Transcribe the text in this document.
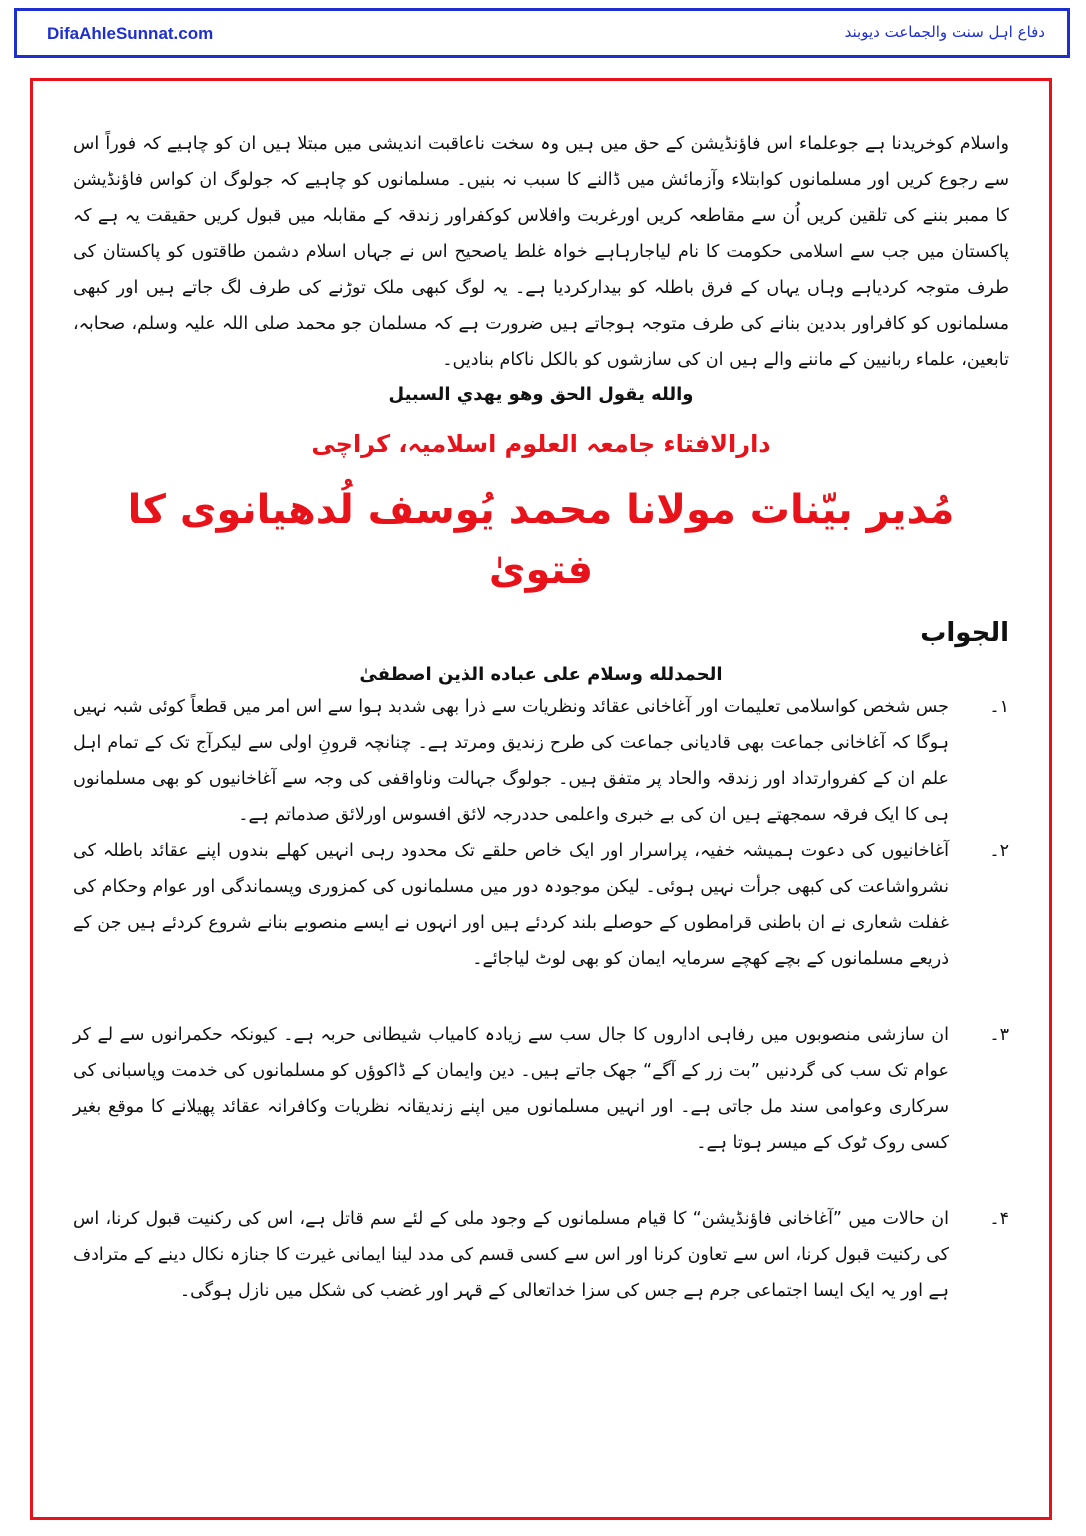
DifaAhleSunnat.com	دفاع اہل سنت والجماعت دیوبند

واسلام کوخریدنا ہے جوعلماء اس فاؤنڈیشن کے حق میں ہیں وہ سخت ناعاقبت اندیشی میں مبتلا ہیں ان کو چاہیے کہ فوراً اس سے رجوع کریں اور مسلمانوں کوابتلاء وآزمائش میں ڈالنے کا سبب نہ بنیں۔ مسلمانوں کو چاہیے کہ جولوگ ان کواس فاؤنڈیشن کا ممبر بننے کی تلقین کریں اُن سے مقاطعہ کریں اورغربت وافلاس کوکفراور زندقہ کے مقابلہ میں قبول کریں حقیقت یہ ہے کہ پاکستان میں جب سے اسلامی حکومت کا نام لیاجارہاہے خواہ غلط یاصحیح اس نے جہاں اسلام دشمن طاقتوں کو پاکستان کی طرف متوجہ کردیاہے وہاں یہاں کے فرق باطلہ کو بیدارکردیا ہے۔ یہ لوگ کبھی ملک توڑنے کی طرف لگ جاتے ہیں اور کبھی مسلمانوں کو کافراور بددین بنانے کی طرف متوجہ ہوجاتے ہیں ضرورت ہے کہ مسلمان جو محمد صلی اللہ علیہ وسلم، صحابہ، تابعین، علماء ربانیین کے ماننے والے ہیں ان کی سازشوں کو بالکل ناکام بنادیں۔

والله يقول الحق وهو يهدي السبيل

دارالافتاء جامعہ العلوم اسلامیہ، کراچی

مُدیر بیّنات مولانا محمد یُوسف لُدھیانوی کا فتویٰ

الجواب

الحمدلله وسلام علی عباده الذین اصطفیٰ

۱۔
جس شخص کواسلامی تعلیمات اور آغاخانی عقائد ونظریات سے ذرا بھی شدبد ہوا سے اس امر میں قطعاً کوئی شبہ نہیں ہوگا کہ آغاخانی جماعت بھی قادیانی جماعت کی طرح زندیق ومرتد ہے۔ چنانچہ قرونِ اولی سے لیکرآج تک کے تمام اہل علم ان کے کفروارتداد اور زندقہ والحاد پر متفق ہیں۔ جولوگ جہالت وناواقفی کی وجہ سے آغاخانیوں کو بھی مسلمانوں ہی کا ایک فرقہ سمجھتے ہیں ان کی بے خبری واعلمی حددرجہ لائق افسوس اورلائق صدماتم ہے۔
۲۔
آغاخانیوں کی دعوت ہمیشہ خفیہ، پراسرار اور ایک خاص حلقے تک محدود رہی انہیں کھلے بندوں اپنے عقائد باطلہ کی نشرواشاعت کی کبھی جرأت نہیں ہوئی۔ لیکن موجودہ دور میں مسلمانوں کی کمزوری وپسماندگی اور عوام وحکام کی غفلت شعاری نے ان باطنی قرامطوں کے حوصلے بلند کردئے ہیں اور انہوں نے ایسے منصوبے بنانے شروع کردئے ہیں جن کے ذریعے مسلمانوں کے بچے کھچے سرمایہ ایمان کو بھی لوٹ لیاجائے۔
۳۔
ان سازشی منصوبوں میں رفاہی اداروں کا جال سب سے زیادہ کامیاب شیطانی حربہ ہے۔ کیونکہ حکمرانوں سے لے کر عوام تک سب کی گردنیں ”بت زر کے آگے“ جھک جاتے ہیں۔ دین وایمان کے ڈاکوؤں کو مسلمانوں کی خدمت وپاسبانی کی سرکاری وعوامی سند مل جاتی ہے۔ اور انہیں مسلمانوں میں اپنے زندیقانہ نظریات وکافرانہ عقائد پھیلانے کا موقع بغیر کسی روک ٹوک کے میسر ہوتا ہے۔
۴۔
ان حالات میں ”آغاخانی فاؤنڈیشن“ کا قیام مسلمانوں کے وجود ملی کے لئے سم قاتل ہے، اس کی رکنیت قبول کرنا، اس کی رکنیت قبول کرنا، اس سے تعاون کرنا اور اس سے کسی قسم کی مدد لینا ایمانی غیرت کا جنازہ نکال دینے کے مترادف ہے اور یہ ایک ایسا اجتماعی جرم ہے جس کی سزا خداتعالی کے قہر اور غضب کی شکل میں نازل ہوگی۔
